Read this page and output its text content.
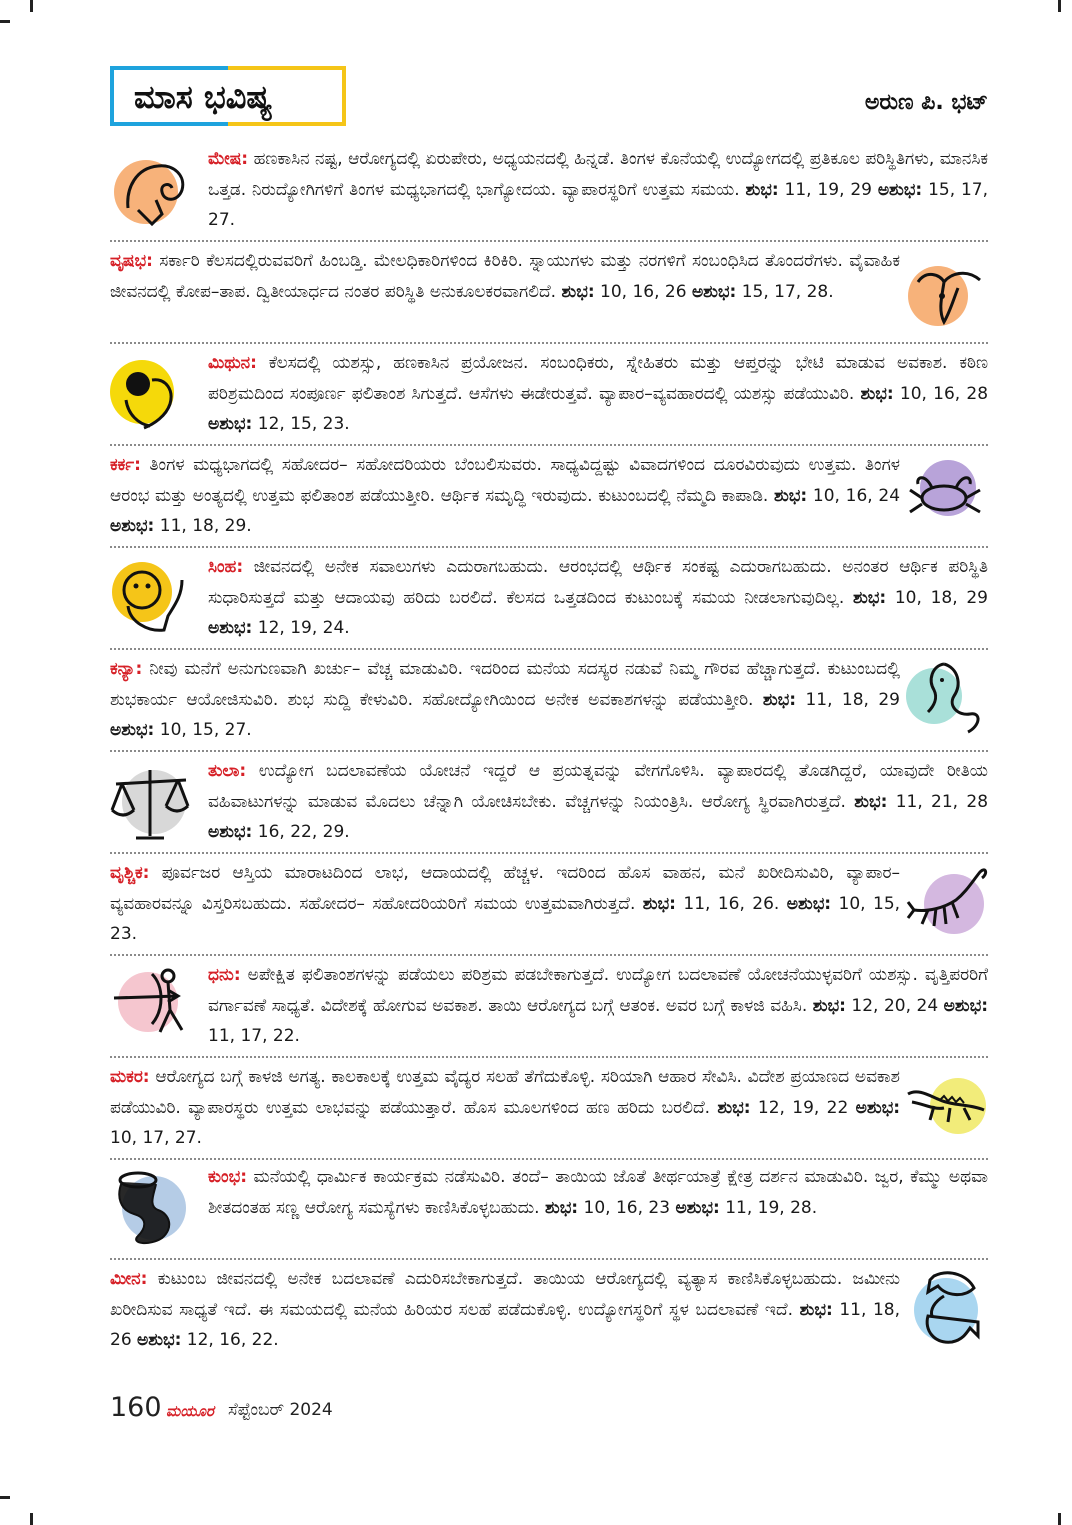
ಮಾಸ ಭವಿಷ್ಯ	ಅರುಣ ಪಿ. ಭಟ್

ಮೇಷ: ಹಣಕಾಸಿನ ನಷ್ಟ, ಆರೋಗ್ಯದಲ್ಲಿ ಏರುಪೇರು, ಅಧ್ಯಯನದಲ್ಲಿ ಹಿನ್ನಡೆ. ತಿಂಗಳ ಕೊನೆಯಲ್ಲಿ ಉದ್ಯೋಗದಲ್ಲಿ ಪ್ರತಿಕೂಲ ಪರಿಸ್ಥಿತಿಗಳು, ಮಾನಸಿಕ ಒತ್ತಡ. ನಿರುದ್ಯೋಗಿಗಳಿಗೆ ತಿಂಗಳ ಮಧ್ಯಭಾಗದಲ್ಲಿ ಭಾಗ್ಯೋದಯ. ವ್ಯಾಪಾರಸ್ಥರಿಗೆ ಉತ್ತಮ ಸಮಯ. ಶುಭ: 11, 19, 29 ಅಶುಭ: 15, 17, 27.

ವೃಷಭ: ಸರ್ಕಾರಿ ಕೆಲಸದಲ್ಲಿರುವವರಿಗೆ ಹಿಂಬಡ್ತಿ. ಮೇಲಧಿಕಾರಿಗಳಿಂದ ಕಿರಿಕಿರಿ. ಸ್ನಾಯುಗಳು ಮತ್ತು ನರಗಳಿಗೆ ಸಂಬಂಧಿಸಿದ ತೊಂದರೆಗಳು. ವೈವಾಹಿಕ ಜೀವನದಲ್ಲಿ ಕೋಪ–ತಾಪ. ದ್ವಿತೀಯಾರ್ಧದ ನಂತರ ಪರಿಸ್ಥಿತಿ ಅನುಕೂಲಕರವಾಗಲಿದೆ. ಶುಭ: 10, 16, 26 ಅಶುಭ: 15, 17, 28.

ಮಿಥುನ: ಕೆಲಸದಲ್ಲಿ ಯಶಸ್ಸು, ಹಣಕಾಸಿನ ಪ್ರಯೋಜನ. ಸಂಬಂಧಿಕರು, ಸ್ನೇಹಿತರು ಮತ್ತು ಆಪ್ತರನ್ನು ಭೇಟಿ ಮಾಡುವ ಅವಕಾಶ. ಕಠಿಣ ಪರಿಶ್ರಮದಿಂದ ಸಂಪೂರ್ಣ ಫಲಿತಾಂಶ ಸಿಗುತ್ತದೆ. ಆಸೆಗಳು ಈಡೇರುತ್ತವೆ. ವ್ಯಾಪಾರ–ವ್ಯವಹಾರದಲ್ಲಿ ಯಶಸ್ಸು ಪಡೆಯುವಿರಿ. ಶುಭ: 10, 16, 28 ಅಶುಭ: 12, 15, 23.

ಕರ್ಕ: ತಿಂಗಳ ಮಧ್ಯಭಾಗದಲ್ಲಿ ಸಹೋದರ– ಸಹೋದರಿಯರು ಬೆಂಬಲಿಸುವರು. ಸಾಧ್ಯವಿದ್ದಷ್ಟು ವಿವಾದಗಳಿಂದ ದೂರವಿರುವುದು ಉತ್ತಮ. ತಿಂಗಳ ಆರಂಭ ಮತ್ತು ಅಂತ್ಯದಲ್ಲಿ ಉತ್ತಮ ಫಲಿತಾಂಶ ಪಡೆಯುತ್ತೀರಿ. ಆರ್ಥಿಕ ಸಮೃದ್ಧಿ ಇರುವುದು. ಕುಟುಂಬದಲ್ಲಿ ನೆಮ್ಮದಿ ಕಾಪಾಡಿ. ಶುಭ: 10, 16, 24 ಅಶುಭ: 11, 18, 29.

ಸಿಂಹ: ಜೀವನದಲ್ಲಿ ಅನೇಕ ಸವಾಲುಗಳು ಎದುರಾಗಬಹುದು. ಆರಂಭದಲ್ಲಿ ಆರ್ಥಿಕ ಸಂಕಷ್ಟ ಎದುರಾಗಬಹುದು. ಅನಂತರ ಆರ್ಥಿಕ ಪರಿಸ್ಥಿತಿ ಸುಧಾರಿಸುತ್ತದೆ ಮತ್ತು ಆದಾಯವು ಹರಿದು ಬರಲಿದೆ. ಕೆಲಸದ ಒತ್ತಡದಿಂದ ಕುಟುಂಬಕ್ಕೆ ಸಮಯ ನೀಡಲಾಗುವುದಿಲ್ಲ. ಶುಭ: 10, 18, 29 ಅಶುಭ: 12, 19, 24.

ಕನ್ಯಾ: ನೀವು ಮನೆಗೆ ಅನುಗುಣವಾಗಿ ಖರ್ಚು– ವೆಚ್ಚ ಮಾಡುವಿರಿ. ಇದರಿಂದ ಮನೆಯ ಸದಸ್ಯರ ನಡುವೆ ನಿಮ್ಮ ಗೌರವ ಹೆಚ್ಚಾಗುತ್ತದೆ. ಕುಟುಂಬದಲ್ಲಿ ಶುಭಕಾರ್ಯ ಆಯೋಜಿಸುವಿರಿ. ಶುಭ ಸುದ್ದಿ ಕೇಳುವಿರಿ. ಸಹೋದ್ಯೋಗಿಯಿಂದ ಅನೇಕ ಅವಕಾಶಗಳನ್ನು ಪಡೆಯುತ್ತೀರಿ. ಶುಭ: 11, 18, 29 ಅಶುಭ: 10, 15, 27.

ತುಲಾ: ಉದ್ಯೋಗ ಬದಲಾವಣೆಯ ಯೋಚನೆ ಇದ್ದರೆ ಆ ಪ್ರಯತ್ನವನ್ನು ವೇಗಗೊಳಿಸಿ. ವ್ಯಾಪಾರದಲ್ಲಿ ತೊಡಗಿದ್ದರೆ, ಯಾವುದೇ ರೀತಿಯ ವಹಿವಾಟುಗಳನ್ನು ಮಾಡುವ ಮೊದಲು ಚೆನ್ನಾಗಿ ಯೋಚಿಸಬೇಕು. ವೆಚ್ಚಗಳನ್ನು ನಿಯಂತ್ರಿಸಿ. ಆರೋಗ್ಯ ಸ್ಥಿರವಾಗಿರುತ್ತದೆ. ಶುಭ: 11, 21, 28 ಅಶುಭ: 16, 22, 29.

ವೃಶ್ಚಿಕ: ಪೂರ್ವಜರ ಆಸ್ತಿಯ ಮಾರಾಟದಿಂದ ಲಾಭ, ಆದಾಯದಲ್ಲಿ ಹೆಚ್ಚಳ. ಇದರಿಂದ ಹೊಸ ವಾಹನ, ಮನೆ ಖರೀದಿಸುವಿರಿ, ವ್ಯಾಪಾರ–ವ್ಯವಹಾರವನ್ನೂ ವಿಸ್ತರಿಸಬಹುದು. ಸಹೋದರ– ಸಹೋದರಿಯರಿಗೆ ಸಮಯ ಉತ್ತಮವಾಗಿರುತ್ತದೆ. ಶುಭ: 11, 16, 26. ಅಶುಭ: 10, 15, 23.

ಧನು: ಅಪೇಕ್ಷಿತ ಫಲಿತಾಂಶಗಳನ್ನು ಪಡೆಯಲು ಪರಿಶ್ರಮ ಪಡಬೇಕಾಗುತ್ತದೆ. ಉದ್ಯೋಗ ಬದಲಾವಣೆ ಯೋಚನೆಯುಳ್ಳವರಿಗೆ ಯಶಸ್ಸು. ವೃತ್ತಿಪರರಿಗೆ ವರ್ಗಾವಣೆ ಸಾಧ್ಯತೆ. ವಿದೇಶಕ್ಕೆ ಹೋಗುವ ಅವಕಾಶ. ತಾಯಿ ಆರೋಗ್ಯದ ಬಗ್ಗೆ ಆತಂಕ. ಅವರ ಬಗ್ಗೆ ಕಾಳಜಿ ವಹಿಸಿ. ಶುಭ: 12, 20, 24 ಅಶುಭ: 11, 17, 22.

ಮಕರ: ಆರೋಗ್ಯದ ಬಗ್ಗೆ ಕಾಳಜಿ ಅಗತ್ಯ. ಕಾಲಕಾಲಕ್ಕೆ ಉತ್ತಮ ವೈದ್ಯರ ಸಲಹೆ ತೆಗೆದುಕೊಳ್ಳಿ. ಸರಿಯಾಗಿ ಆಹಾರ ಸೇವಿಸಿ. ವಿದೇಶ ಪ್ರಯಾಣದ ಅವಕಾಶ ಪಡೆಯುವಿರಿ. ವ್ಯಾಪಾರಸ್ಥರು ಉತ್ತಮ ಲಾಭವನ್ನು ಪಡೆಯುತ್ತಾರೆ. ಹೊಸ ಮೂಲಗಳಿಂದ ಹಣ ಹರಿದು ಬರಲಿದೆ. ಶುಭ: 12, 19, 22 ಅಶುಭ: 10, 17, 27.

ಕುಂಭ: ಮನೆಯಲ್ಲಿ ಧಾರ್ಮಿಕ ಕಾರ್ಯಕ್ರಮ ನಡೆಸುವಿರಿ. ತಂದೆ– ತಾಯಿಯ ಜೊತೆ ತೀರ್ಥಯಾತ್ರೆ ಕ್ಷೇತ್ರ ದರ್ಶನ ಮಾಡುವಿರಿ. ಜ್ವರ, ಕೆಮ್ಮು ಅಥವಾ ಶೀತದಂತಹ ಸಣ್ಣ ಆರೋಗ್ಯ ಸಮಸ್ಯೆಗಳು ಕಾಣಿಸಿಕೊಳ್ಳಬಹುದು. ಶುಭ: 10, 16, 23 ಅಶುಭ: 11, 19, 28.

ಮೀನ: ಕುಟುಂಬ ಜೀವನದಲ್ಲಿ ಅನೇಕ ಬದಲಾವಣೆ ಎದುರಿಸಬೇಕಾಗುತ್ತದೆ. ತಾಯಿಯ ಆರೋಗ್ಯದಲ್ಲಿ ವ್ಯತ್ಯಾಸ ಕಾಣಿಸಿಕೊಳ್ಳಬಹುದು. ಜಮೀನು ಖರೀದಿಸುವ ಸಾಧ್ಯತೆ ಇದೆ. ಈ ಸಮಯದಲ್ಲಿ ಮನೆಯ ಹಿರಿಯರ ಸಲಹೆ ಪಡೆದುಕೊಳ್ಳಿ. ಉದ್ಯೋಗಸ್ಥರಿಗೆ ಸ್ಥಳ ಬದಲಾವಣೆ ಇದೆ. ಶುಭ: 11, 18, 26 ಅಶುಭ: 12, 16, 22.

160 ಮಯೂರ ಸೆಪ್ಟೆಂಬರ್ 2024
